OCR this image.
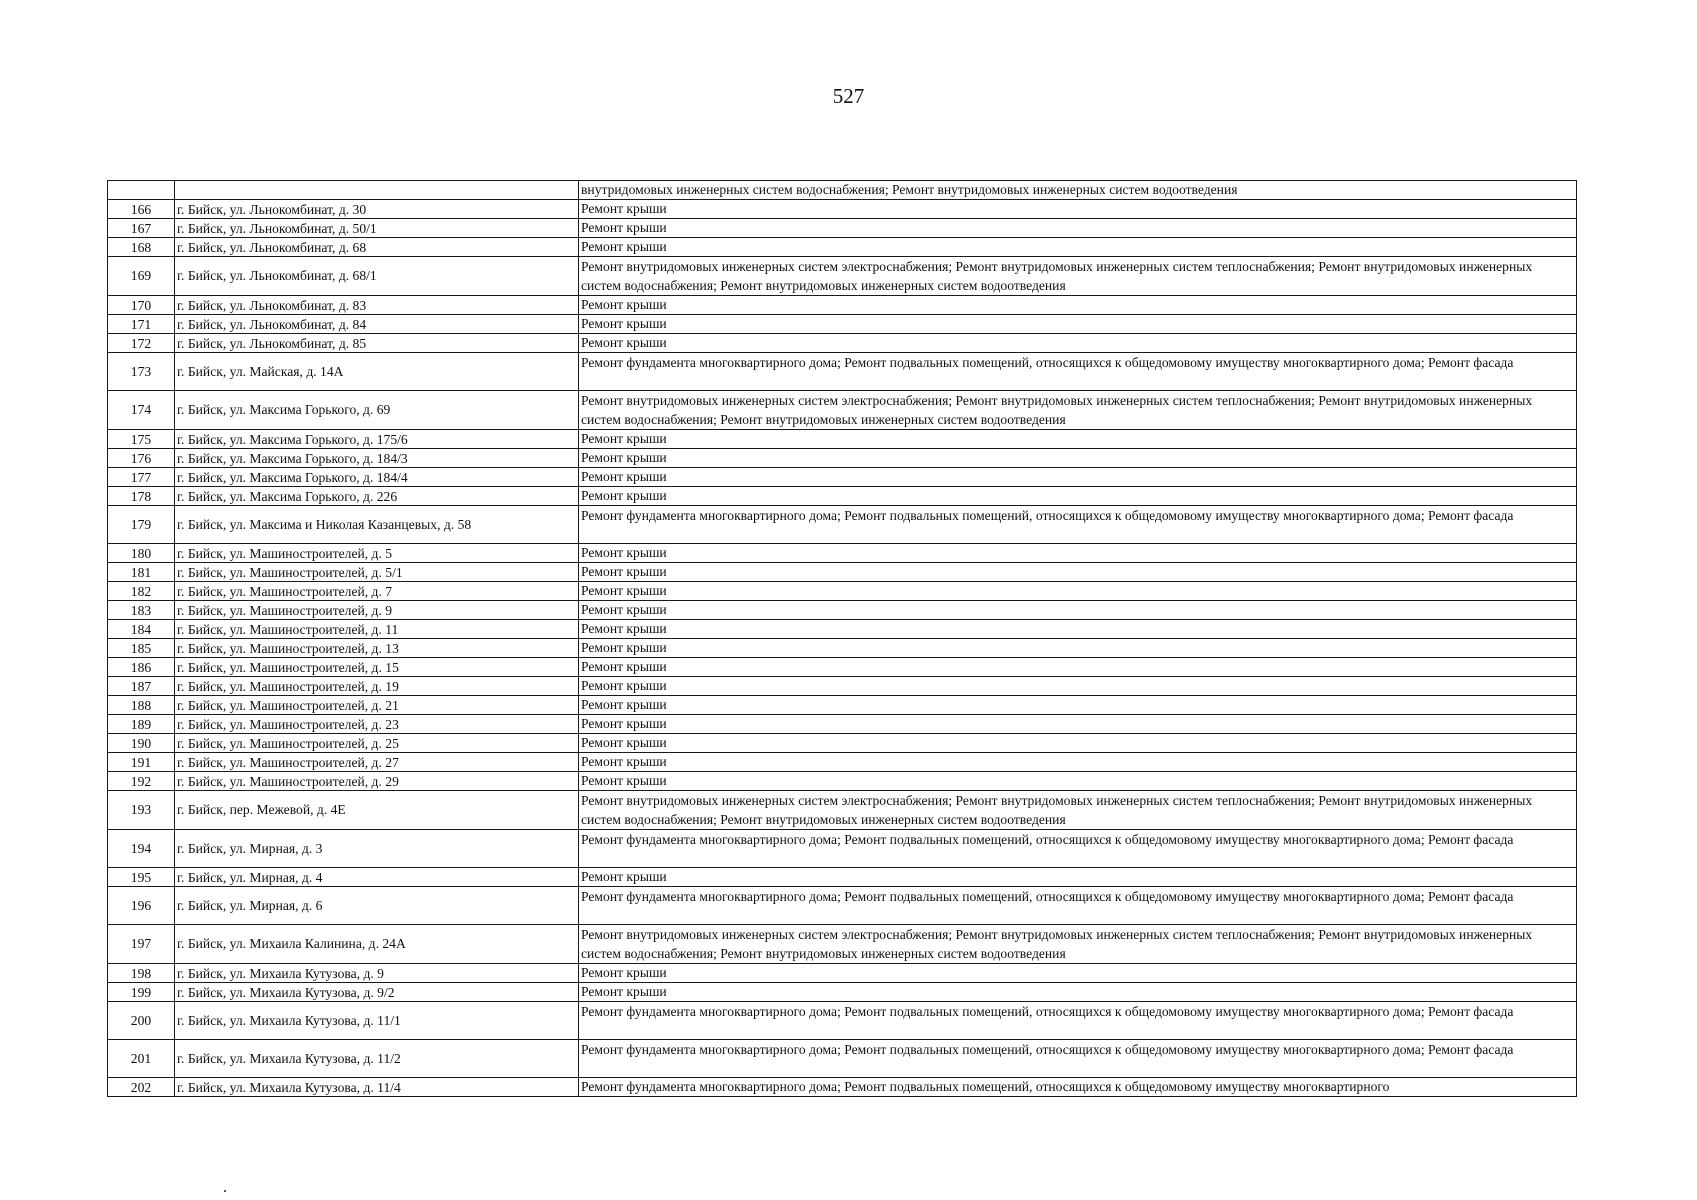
527
		внутридомовых инженерных систем водоснабжения; Ремонт внутридомовых инженерных систем водоотведения
166	г. Бийск, ул. Льнокомбинат, д. 30	Ремонт крыши
167	г. Бийск, ул. Льнокомбинат, д. 50/1	Ремонт крыши
168	г. Бийск, ул. Льнокомбинат, д. 68	Ремонт крыши
169	г. Бийск, ул. Льнокомбинат, д. 68/1	Ремонт внутридомовых инженерных систем электроснабжения; Ремонт внутридомовых инженерных систем теплоснабжения; Ремонт внутридомовых инженерных систем водоснабжения; Ремонт внутридомовых инженерных систем водоотведения
170	г. Бийск, ул. Льнокомбинат, д. 83	Ремонт крыши
171	г. Бийск, ул. Льнокомбинат, д. 84	Ремонт крыши
172	г. Бийск, ул. Льнокомбинат, д. 85	Ремонт крыши
173	г. Бийск, ул. Майская, д. 14А	Ремонт фундамента многоквартирного дома; Ремонт подвальных помещений, относящихся к общедомовому имуществу многоквартирного дома; Ремонт фасада
174	г. Бийск, ул. Максима Горького, д. 69	Ремонт внутридомовых инженерных систем электроснабжения; Ремонт внутридомовых инженерных систем теплоснабжения; Ремонт внутридомовых инженерных систем водоснабжения; Ремонт внутридомовых инженерных систем водоотведения
175	г. Бийск, ул. Максима Горького, д. 175/6	Ремонт крыши
176	г. Бийск, ул. Максима Горького, д. 184/3	Ремонт крыши
177	г. Бийск, ул. Максима Горького, д. 184/4	Ремонт крыши
178	г. Бийск, ул. Максима Горького, д. 226	Ремонт крыши
179	г. Бийск, ул. Максима и Николая Казанцевых, д. 58	Ремонт фундамента многоквартирного дома; Ремонт подвальных помещений, относящихся к общедомовому имуществу многоквартирного дома; Ремонт фасада
180	г. Бийск, ул. Машиностроителей, д. 5	Ремонт крыши
181	г. Бийск, ул. Машиностроителей, д. 5/1	Ремонт крыши
182	г. Бийск, ул. Машиностроителей, д. 7	Ремонт крыши
183	г. Бийск, ул. Машиностроителей, д. 9	Ремонт крыши
184	г. Бийск, ул. Машиностроителей, д. 11	Ремонт крыши
185	г. Бийск, ул. Машиностроителей, д. 13	Ремонт крыши
186	г. Бийск, ул. Машиностроителей, д. 15	Ремонт крыши
187	г. Бийск, ул. Машиностроителей, д. 19	Ремонт крыши
188	г. Бийск, ул. Машиностроителей, д. 21	Ремонт крыши
189	г. Бийск, ул. Машиностроителей, д. 23	Ремонт крыши
190	г. Бийск, ул. Машиностроителей, д. 25	Ремонт крыши
191	г. Бийск, ул. Машиностроителей, д. 27	Ремонт крыши
192	г. Бийск, ул. Машиностроителей, д. 29	Ремонт крыши
193	г. Бийск, пер. Межевой, д. 4Е	Ремонт внутридомовых инженерных систем электроснабжения; Ремонт внутридомовых инженерных систем теплоснабжения; Ремонт внутридомовых инженерных систем водоснабжения; Ремонт внутридомовых инженерных систем водоотведения
194	г. Бийск, ул. Мирная, д. 3	Ремонт фундамента многоквартирного дома; Ремонт подвальных помещений, относящихся к общедомовому имуществу многоквартирного дома; Ремонт фасада
195	г. Бийск, ул. Мирная, д. 4	Ремонт крыши
196	г. Бийск, ул. Мирная, д. 6	Ремонт фундамента многоквартирного дома; Ремонт подвальных помещений, относящихся к общедомовому имуществу многоквартирного дома; Ремонт фасада
197	г. Бийск, ул. Михаила Калинина, д. 24А	Ремонт внутридомовых инженерных систем электроснабжения; Ремонт внутридомовых инженерных систем теплоснабжения; Ремонт внутридомовых инженерных систем водоснабжения; Ремонт внутридомовых инженерных систем водоотведения
198	г. Бийск, ул. Михаила Кутузова, д. 9	Ремонт крыши
199	г. Бийск, ул. Михаила Кутузова, д. 9/2	Ремонт крыши
200	г. Бийск, ул. Михаила Кутузова, д. 11/1	Ремонт фундамента многоквартирного дома; Ремонт подвальных помещений, относящихся к общедомовому имуществу многоквартирного дома; Ремонт фасада
201	г. Бийск, ул. Михаила Кутузова, д. 11/2	Ремонт фундамента многоквартирного дома; Ремонт подвальных помещений, относящихся к общедомовому имуществу многоквартирного дома; Ремонт фасада
202	г. Бийск, ул. Михаила Кутузова, д. 11/4	Ремонт фундамента многоквартирного дома; Ремонт подвальных помещений, относящихся к общедомовому имуществу многоквартирного
